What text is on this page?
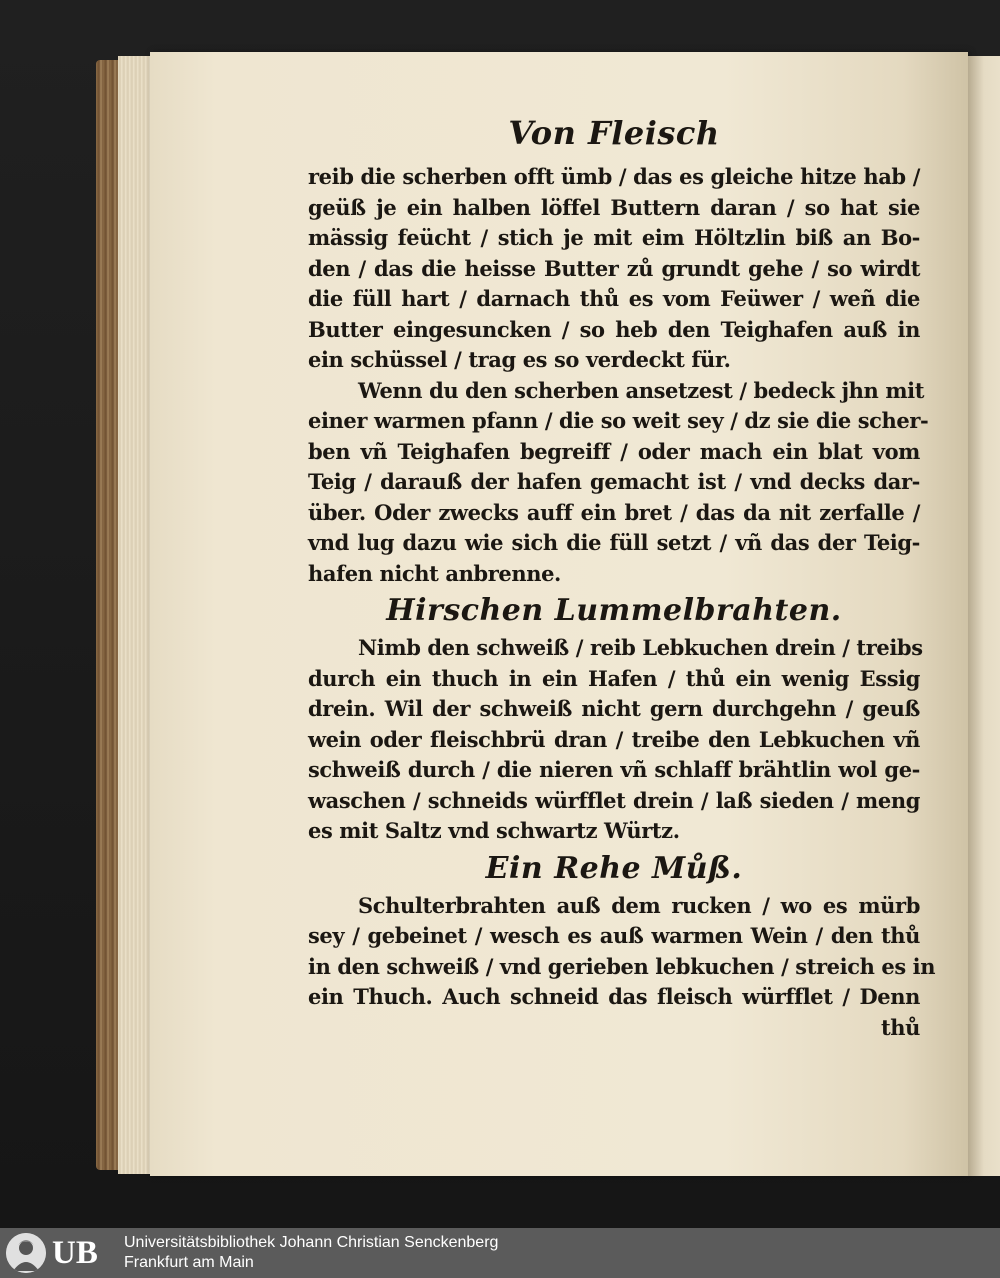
Von Fleisch
reib die scherben offt ümb / das es gleiche hitze hab /
geüß je ein halben löffel Buttern daran / so hat sie
mässig feücht / stich je mit eim Höltzlin biß an Bo-
den / das die heisse Butter zů grundt gehe / so wirdt
die füll hart / darnach thů es vom Feüwer / weñ die
Butter eingesuncken / so heb den Teighafen auß in
ein schüssel / trag es so verdeckt für.
Wenn du den scherben ansetzest / bedeck jhn mit
einer warmen pfann / die so weit sey / dz sie die scher-
ben vñ Teighafen begreiff / oder mach ein blat vom
Teig / darauß der hafen gemacht ist / vnd decks dar-
über. Oder zwecks auff ein bret / das da nit zerfalle /
vnd lug dazu wie sich die füll setzt / vñ das der Teig-
hafen nicht anbrenne.
Hirschen Lummelbrahten.
Nimb den schweiß / reib Lebkuchen drein / treibs
durch ein thuch in ein Hafen / thů ein wenig Essig
drein. Wil der schweiß nicht gern durchgehn / geuß
wein oder fleischbrü dran / treibe den Lebkuchen vñ
schweiß durch / die nieren vñ schlaff brähtlin wol ge-
waschen / schneids würfflet drein / laß sieden / meng
es mit Saltz vnd schwartz Würtz.
Ein Rehe Můß.
Schulterbrahten auß dem rucken / wo es mürb
sey / gebeinet / wesch es auß warmen Wein / den thů
in den schweiß / vnd gerieben lebkuchen / streich es in
ein Thuch. Auch schneid das fleisch würfflet / Denn
thů
UB Universitätsbibliothek Johann Christian Senckenberg
Frankfurt am Main
